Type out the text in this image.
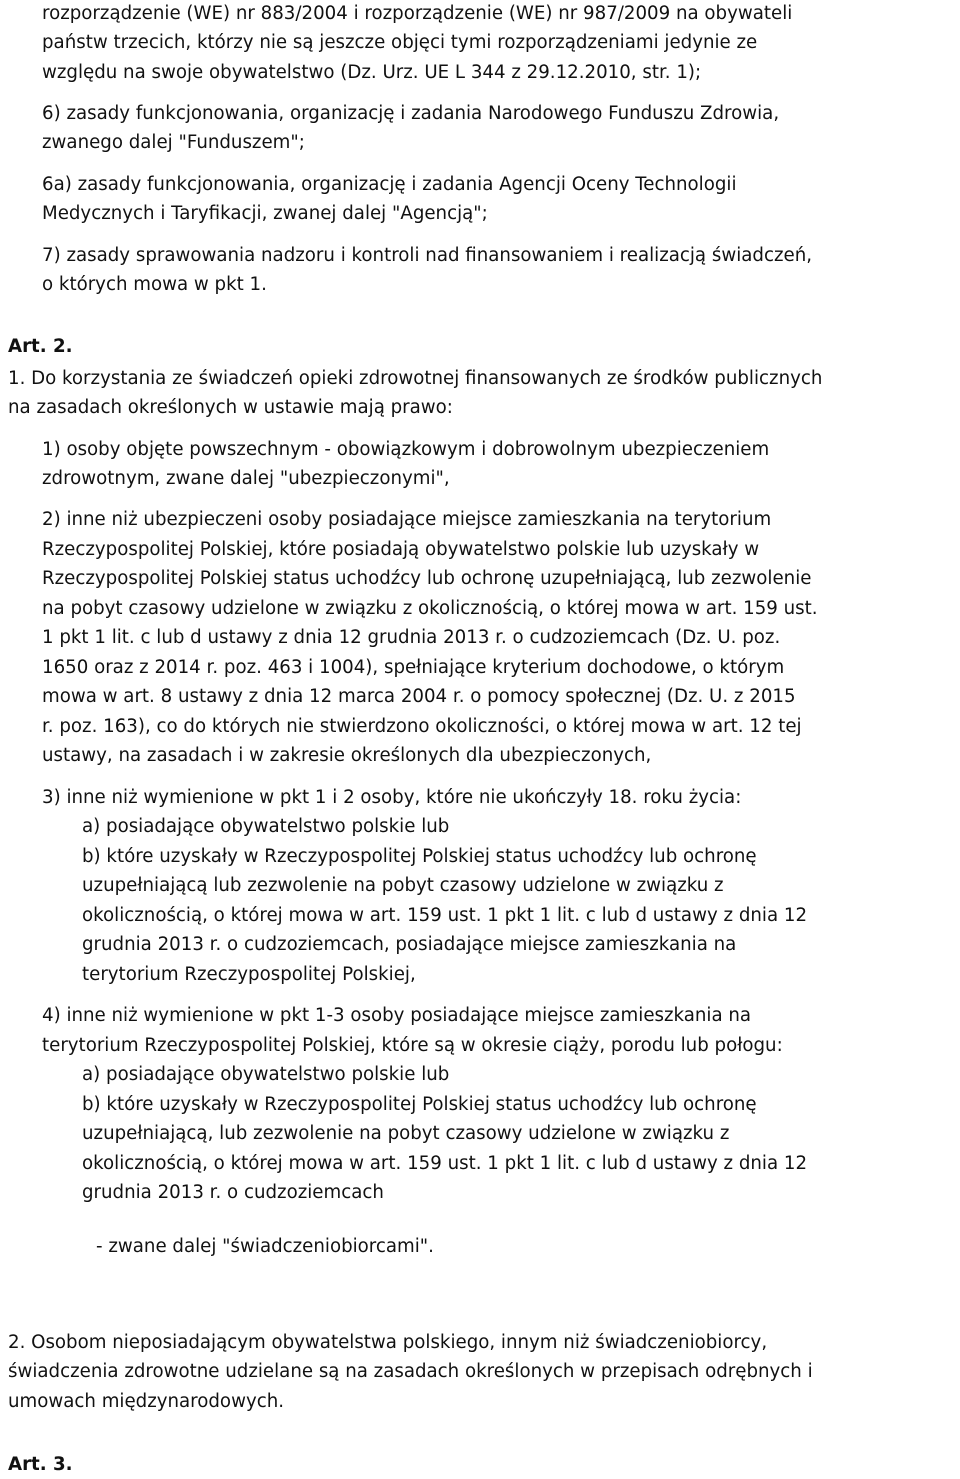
rozporządzenie (WE) nr 883/2004 i rozporządzenie (WE) nr 987/2009 na obywateli
państw trzecich, którzy nie są jeszcze objęci tymi rozporządzeniami jedynie ze
względu na swoje obywatelstwo (Dz. Urz. UE L 344 z 29.12.2010, str. 1);
6) zasady funkcjonowania, organizację i zadania Narodowego Funduszu Zdrowia,
zwanego dalej "Funduszem";
6a) zasady funkcjonowania, organizację i zadania Agencji Oceny Technologii
Medycznych i Taryfikacji, zwanej dalej "Agencją";
7) zasady sprawowania nadzoru i kontroli nad finansowaniem i realizacją świadczeń,
o których mowa w pkt 1.
Art. 2.
1. Do korzystania ze świadczeń opieki zdrowotnej finansowanych ze środków publicznych
na zasadach określonych w ustawie mają prawo:
1) osoby objęte powszechnym - obowiązkowym i dobrowolnym ubezpieczeniem
zdrowotnym, zwane dalej "ubezpieczonymi",
2) inne niż ubezpieczeni osoby posiadające miejsce zamieszkania na terytorium
Rzeczypospolitej Polskiej, które posiadają obywatelstwo polskie lub uzyskały w
Rzeczypospolitej Polskiej status uchodźcy lub ochronę uzupełniającą, lub zezwolenie
na pobyt czasowy udzielone w związku z okolicznością, o której mowa w art. 159 ust.
1 pkt 1 lit. c lub d ustawy z dnia 12 grudnia 2013 r. o cudzoziemcach (Dz. U. poz.
1650 oraz z 2014 r. poz. 463 i 1004), spełniające kryterium dochodowe, o którym
mowa w art. 8 ustawy z dnia 12 marca 2004 r. o pomocy społecznej (Dz. U. z 2015
r. poz. 163), co do których nie stwierdzono okoliczności, o której mowa w art. 12 tej
ustawy, na zasadach i w zakresie określonych dla ubezpieczonych,
3) inne niż wymienione w pkt 1 i 2 osoby, które nie ukończyły 18. roku życia:
a) posiadające obywatelstwo polskie lub
b) które uzyskały w Rzeczypospolitej Polskiej status uchodźcy lub ochronę
uzupełniającą lub zezwolenie na pobyt czasowy udzielone w związku z
okolicznością, o której mowa w art. 159 ust. 1 pkt 1 lit. c lub d ustawy z dnia 12
grudnia 2013 r. o cudzoziemcach, posiadające miejsce zamieszkania na
terytorium Rzeczypospolitej Polskiej,
4) inne niż wymienione w pkt 1-3 osoby posiadające miejsce zamieszkania na
terytorium Rzeczypospolitej Polskiej, które są w okresie ciąży, porodu lub połogu:
a) posiadające obywatelstwo polskie lub
b) które uzyskały w Rzeczypospolitej Polskiej status uchodźcy lub ochronę
uzupełniającą, lub zezwolenie na pobyt czasowy udzielone w związku z
okolicznością, o której mowa w art. 159 ust. 1 pkt 1 lit. c lub d ustawy z dnia 12
grudnia 2013 r. o cudzoziemcach
- zwane dalej "świadczeniobiorcami".
2. Osobom nieposiadającym obywatelstwa polskiego, innym niż świadczeniobiorcy,
świadczenia zdrowotne udzielane są na zasadach określonych w przepisach odrębnych i
umowach międzynarodowych.
Art. 3.
